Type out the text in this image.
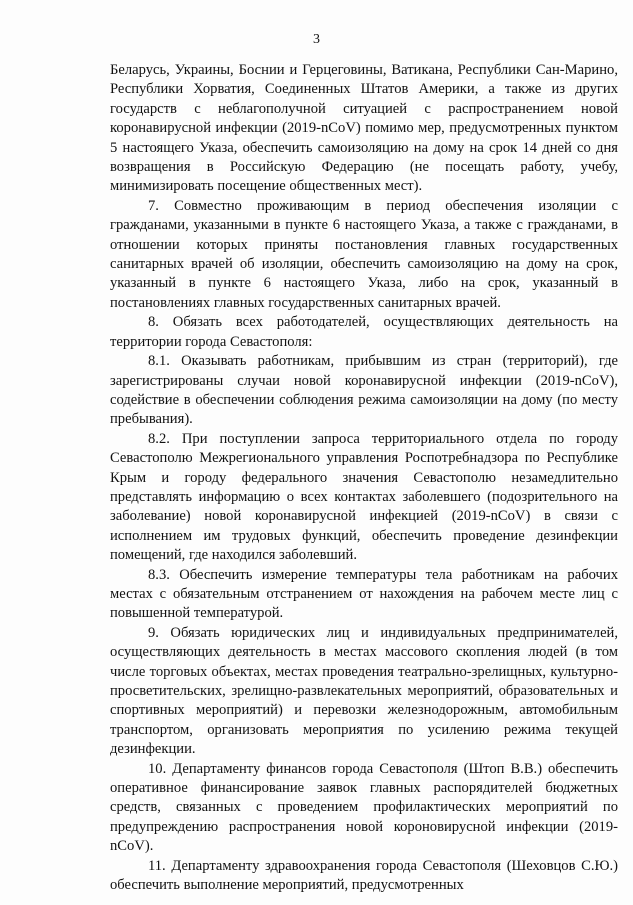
3

Беларусь, Украины, Боснии и Герцеговины, Ватикана, Республики Сан-Марино, Республики Хорватия, Соединенных Штатов Америки, а также из других государств с неблагополучной ситуацией с распространением новой коронавирусной инфекции (2019-nCoV) помимо мер, предусмотренных пунктом 5 настоящего Указа, обеспечить самоизоляцию на дому на срок 14 дней со дня возвращения в Российскую Федерацию (не посещать работу, учебу, минимизировать посещение общественных мест).

7. Совместно проживающим в период обеспечения изоляции с гражданами, указанными в пункте 6 настоящего Указа, а также с гражданами, в отношении которых приняты постановления главных государственных санитарных врачей об изоляции, обеспечить самоизоляцию на дому на срок, указанный в пункте 6 настоящего Указа, либо на срок, указанный в постановлениях главных государственных санитарных врачей.

8. Обязать всех работодателей, осуществляющих деятельность на территории города Севастополя:

8.1. Оказывать работникам, прибывшим из стран (территорий), где зарегистрированы случаи новой коронавирусной инфекции (2019-nCoV), содействие в обеспечении соблюдения режима самоизоляции на дому (по месту пребывания).

8.2. При поступлении запроса территориального отдела по городу Севастополю Межрегионального управления Роспотребнадзора по Республике Крым и городу федерального значения Севастополю незамедлительно представлять информацию о всех контактах заболевшего (подозрительного на заболевание) новой коронавирусной инфекцией (2019-nCoV) в связи с исполнением им трудовых функций, обеспечить проведение дезинфекции помещений, где находился заболевший.

8.3. Обеспечить измерение температуры тела работникам на рабочих местах с обязательным отстранением от нахождения на рабочем месте лиц с повышенной температурой.

9. Обязать юридических лиц и индивидуальных предпринимателей, осуществляющих деятельность в местах массового скопления людей (в том числе торговых объектах, местах проведения театрально-зрелищных, культурно-просветительских, зрелищно-развлекательных мероприятий, образовательных и спортивных мероприятий) и перевозки железнодорожным, автомобильным транспортом, организовать мероприятия по усилению режима текущей дезинфекции.

10. Департаменту финансов города Севастополя (Штоп В.В.) обеспечить оперативное финансирование заявок главных распорядителей бюджетных средств, связанных с проведением профилактических мероприятий по предупреждению распространения новой короновирусной инфекции (2019-nCoV).

11. Департаменту здравоохранения города Севастополя (Шеховцов С.Ю.) обеспечить выполнение мероприятий, предусмотренных
